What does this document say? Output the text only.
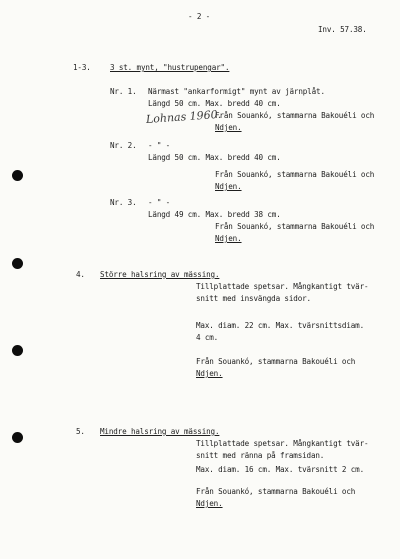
- 2 -
Inv. 57.38.
1-3.	3 st. mynt, "hustrupengar".
Nr. 1. Närmast "ankarformigt" mynt av järnplåt.
Längd 50 cm. Max. bredd 40 cm.
Från Souankó, stammarna Bakouéli och
Ndjen.
Lohnas 1960.
Nr. 2. - " -
Längd 50 cm. Max. bredd 40 cm.
Från Souankó, stammarna Bakouéli och
Ndjen.
Nr. 3. - " -
Längd 49 cm. Max. bredd 38 cm.
Från Souankó, stammarna Bakouéli och
Ndjen.
4. Större halsring av mässing.
Tillplattade spetsar. Mångkantigt tvär-
snitt med insvängda sidor.
Max. diam. 22 cm. Max. tvärsnittsdiam.
4 cm.
Från Souankó, stammarna Bakouéli och
Ndjen.
5. Mindre halsring av mässing.
Tillplattade spetsar. Mångkantigt tvär-
snitt med ränna på framsidan.
Max. diam. 16 cm. Max. tvärsnitt 2 cm.
Från Souankó, stammarna Bakouéli och
Ndjen.
